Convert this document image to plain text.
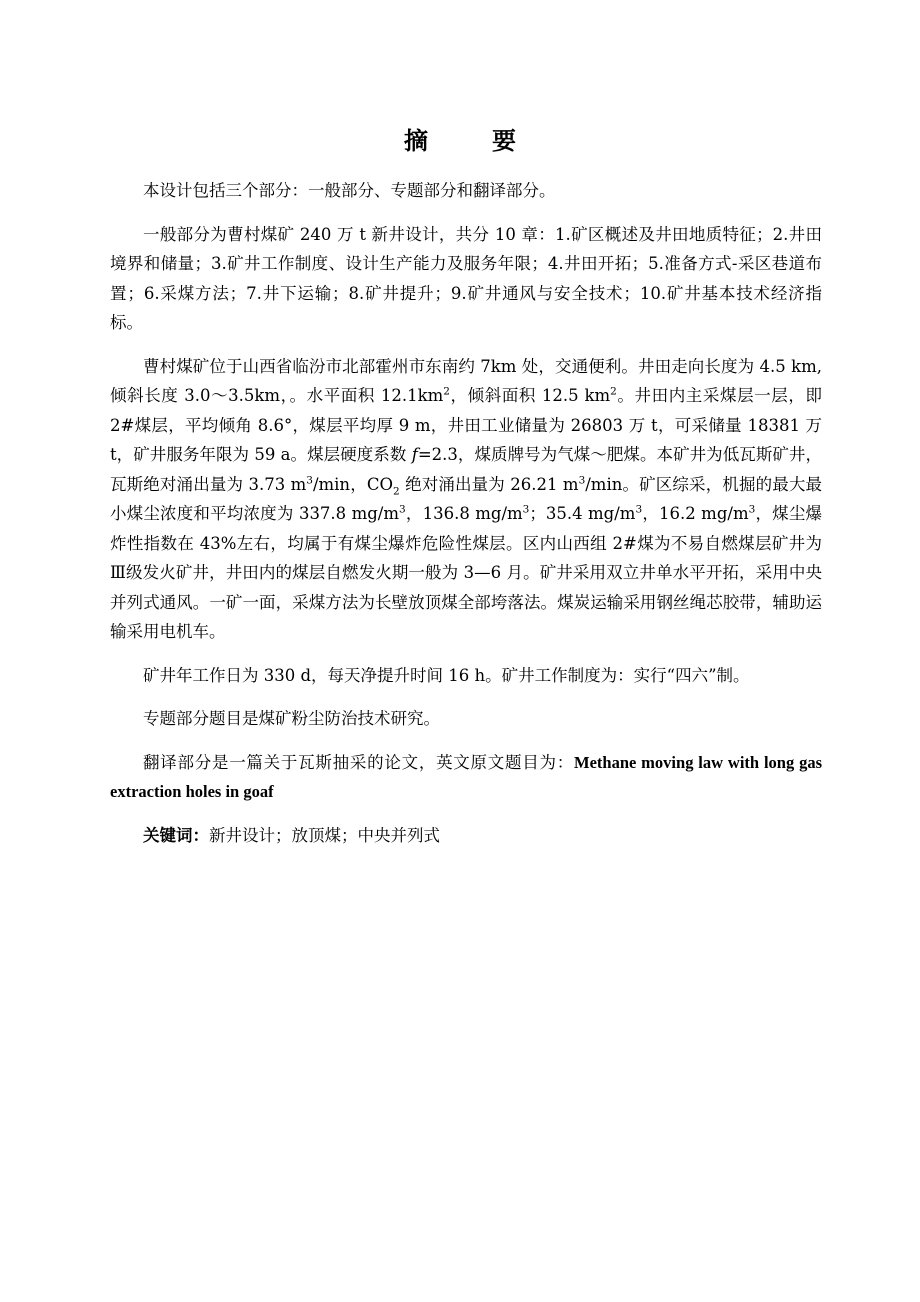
摘　要

本设计包括三个部分：一般部分、专题部分和翻译部分。

一般部分为曹村煤矿 240 万 t 新井设计，共分 10 章：1.矿区概述及井田地质特征；2.井田境界和储量；3.矿井工作制度、设计生产能力及服务年限；4.井田开拓；5.准备方式-采区巷道布置；6.采煤方法；7.井下运输；8.矿井提升；9.矿井通风与安全技术；10.矿井基本技术经济指标。

曹村煤矿位于山西省临汾市北部霍州市东南约 7km 处，交通便利。井田走向长度为 4.5 km,倾斜长度 3.0～3.5km，。水平面积 $12.1km^2$，倾斜面积 12.5 $km^2$。井田内主采煤层一层，即 2#煤层，平均倾角 8.6°，煤层平均厚 9 m，井田工业储量为 26803 万 t，可采储量 18381 万 t，矿井服务年限为 59 a。煤层硬度系数 f=2.3，煤质牌号为气煤～肥煤。本矿井为低瓦斯矿井，瓦斯绝对涌出量为 3.73 $m^3/\min$，$CO_2$ 绝对涌出量为 26.21 $m^3/\min$。矿区综采，机掘的最大最小煤尘浓度和平均浓度为 337.8 $mg/m^3$，136.8 $mg/m^3$；35.4 $mg/m^3$，16.2 $mg/m^3$，煤尘爆炸性指数在 43%左右，均属于有煤尘爆炸危险性煤层。区内山西组 2#煤为不易自燃煤层矿井为Ⅲ级发火矿井，井田内的煤层自燃发火期一般为 3—6 月。矿井采用双立井单水平开拓，采用中央并列式通风。一矿一面，采煤方法为长壁放顶煤全部垮落法。煤炭运输采用钢丝绳芯胶带，辅助运输采用电机车。

矿井年工作日为 330 d，每天净提升时间 16 h。矿井工作制度为：实行“四六”制。

专题部分题目是煤矿粉尘防治技术研究。

翻译部分是一篇关于瓦斯抽采的论文，英文原文题目为：Methane moving law with long gas extraction holes in goaf

关键词：新井设计；放顶煤；中央并列式
